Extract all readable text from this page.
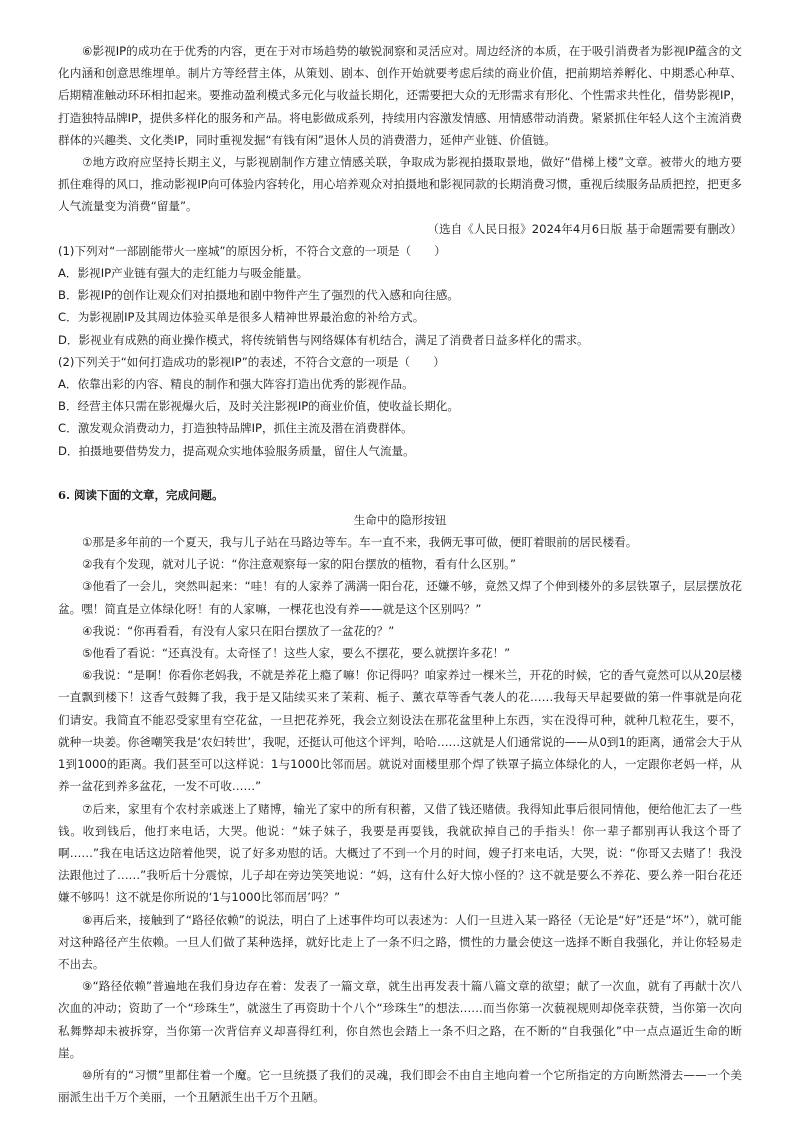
⑥影视IP的成功在于优秀的内容，更在于对市场趋势的敏锐洞察和灵活应对。周边经济的本质，在于吸引消费者为影视IP蕴含的文化内涵和创意思维埋单。制片方等经营主体，从策划、剧本、创作开始就要考虑后续的商业价值，把前期培养孵化、中期悉心种草、后期精准触动环环相扣起来。要推动盈利模式多元化与收益长期化，还需要把大众的无形需求有形化、个性需求共性化，借势影视IP，打造独特品牌IP，提供多样化的服务和产品。将电影做成系列，持续用内容激发情感、用情感带动消费。紧紧抓住年轻人这个主流消费群体的兴趣类、文化类IP，同时重视发掘“有钱有闲”退休人员的消费潜力，延伸产业链、价值链。

⑦地方政府应坚持长期主义，与影视剧制作方建立情感关联，争取成为影视拍摄取景地，做好“借梯上楼”文章。被带火的地方要抓住难得的风口，推动影视IP向可体验内容转化，用心培养观众对拍摄地和影视同款的长期消费习惯，重视后续服务品质把控，把更多人气流量变为消费“留量”。

（选自《人民日报》2024年4月6日版 基于命题需要有删改）

(1)下列对“一部剧能带火一座城”的原因分析，不符合文意的一项是（　　）

A．影视IP产业链有强大的走红能力与吸金能量。

B．影视IP的创作让观众们对拍摄地和剧中物件产生了强烈的代入感和向往感。

C．为影视剧IP及其周边体验买单是很多人精神世界最治愈的补给方式。

D．影视业有成熟的商业操作模式，将传统销售与网络媒体有机结合，满足了消费者日益多样化的需求。

(2)下列关于“如何打造成功的影视IP”的表述，不符合文意的一项是（　　）

A．依靠出彩的内容、精良的制作和强大阵容打造出优秀的影视作品。

B．经营主体只需在影视爆火后，及时关注影视IP的商业价值，使收益长期化。

C．激发观众消费动力，打造独特品牌IP，抓住主流及潜在消费群体。

D．拍摄地要借势发力，提高观众实地体验服务质量，留住人气流量。

6. 阅读下面的文章，完成问题。

生命中的隐形按钮

①那是多年前的一个夏天，我与儿子站在马路边等车。车一直不来，我俩无事可做，便盯着眼前的居民楼看。

②我有个发现，就对儿子说：“你注意观察每一家的阳台摆放的植物，看有什么区别。”

③他看了一会儿，突然叫起来：“哇！有的人家养了满满一阳台花，还嫌不够，竟然又焊了个伸到楼外的多层铁罩子，层层摆放花盆。嘿！简直是立体绿化呀！有的人家嘛，一棵花也没有养——就是这个区别吗？”

④我说：“你再看看，有没有人家只在阳台摆放了一盆花的？”

⑤他看了看说：“还真没有。太奇怪了！这些人家，要么不摆花，要么就摆许多花！”

⑥我说：“是啊！你看你老妈我，不就是养花上瘾了嘛！你记得吗？咱家养过一棵米兰，开花的时候，它的香气竟然可以从20层楼一直飘到楼下！这香气鼓舞了我，我于是又陆续买来了茉莉、栀子、薰衣草等香气袭人的花……我每天早起要做的第一件事就是向花们请安。我简直不能忍受家里有空花盆，一旦把花养死，我会立刻设法在那花盆里种上东西，实在没得可种，就种几粒花生，要不，就种一块姜。你爸嘲笑我是‘农妇转世’，我呢，还挺认可他这个评判，哈哈……这就是人们通常说的——从0到1的距离，通常会大于从1到1000的距离。我们甚至可以这样说：1与1000比邻而居。就说对面楼里那个焊了铁罩子搞立体绿化的人，一定跟你老妈一样，从养一盆花到养多盆花，一发不可收……”

⑦后来，家里有个农村亲戚迷上了赌博，输光了家中的所有积蓄，又借了钱还赌债。我得知此事后很同情他，便给他汇去了一些钱。收到钱后，他打来电话，大哭。他说：“妹子妹子，我要是再耍钱，我就砍掉自己的手指头！你一辈子都别再认我这个哥了啊……”我在电话这边陪着他哭，说了好多劝慰的话。大概过了不到一个月的时间，嫂子打来电话，大哭，说：“你哥又去赌了！我没法跟他过了……”我听后十分震惊，儿子却在旁边笑笑地说：“妈，这有什么好大惊小怪的？这不就是要么不养花、要么养一阳台花还嫌不够吗！这不就是你所说的‘1与1000比邻而居’吗？”

⑧再后来，接触到了“路径依赖”的说法，明白了上述事件均可以表述为：人们一旦进入某一路径（无论是“好”还是“坏”），就可能对这种路径产生依赖。一旦人们做了某种选择，就好比走上了一条不归之路，惯性的力量会使这一选择不断自我强化，并让你轻易走不出去。

⑨“路径依赖”普遍地在我们身边存在着：发表了一篇文章，就生出再发表十篇八篇文章的欲望；献了一次血，就有了再献十次八次血的冲动；资助了一个“珍珠生”，就滋生了再资助十个八个“珍珠生”的想法……而当你第一次藐视规则却侥幸获赞，当你第一次向私舞弊却未被拆穿，当你第一次背信弃义却喜得红利，你自然也会踏上一条不归之路，在不断的“自我强化”中一点点逼近生命的断崖。

⑩所有的“习惯”里都住着一个魔。它一旦统摄了我们的灵魂，我们即会不由自主地向着一个它所指定的方向断然滑去——一个美丽派生出千万个美丽，一个丑陋派生出千万个丑陋。
